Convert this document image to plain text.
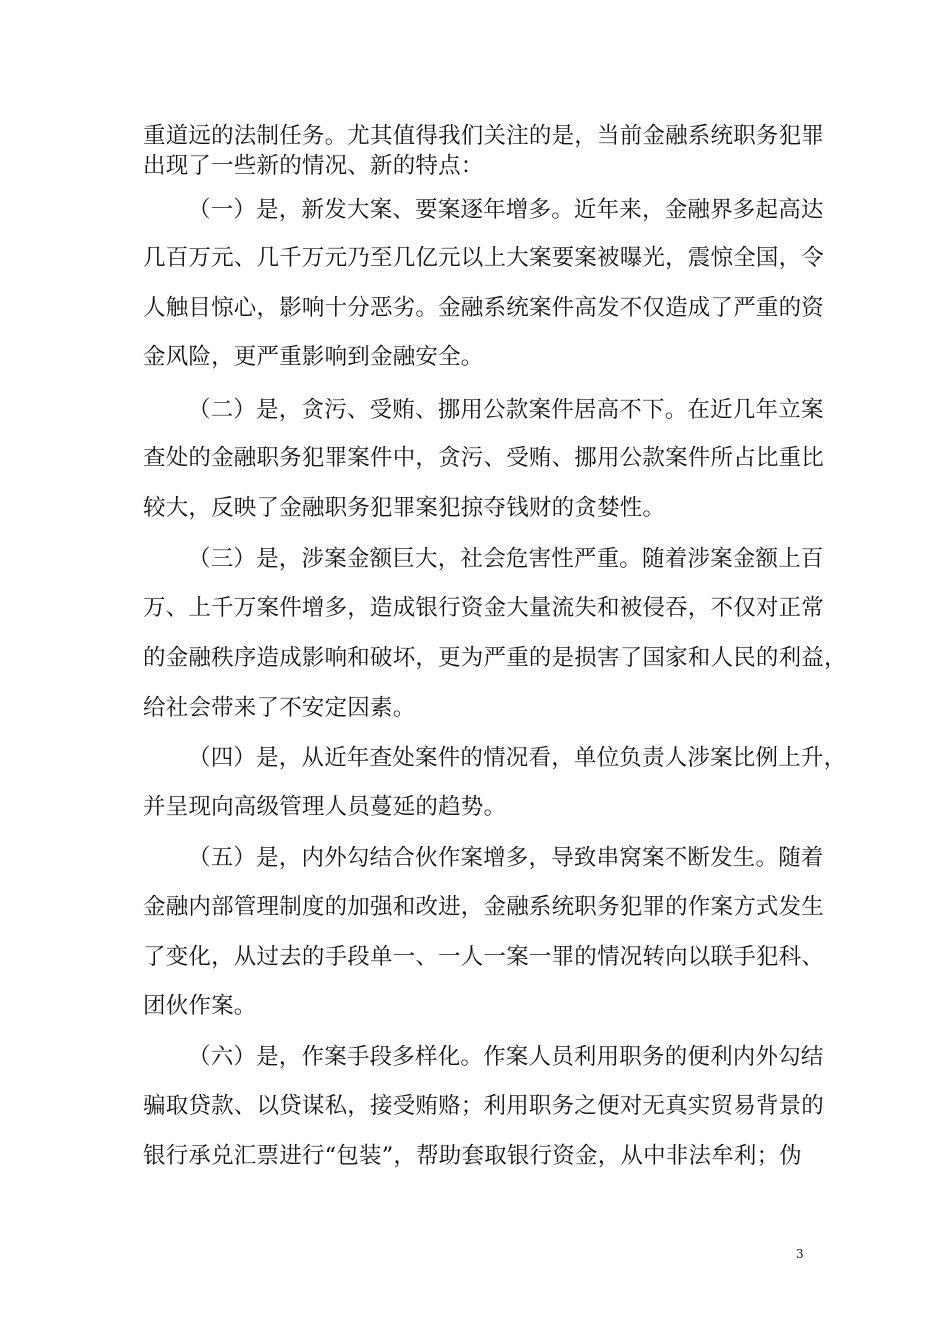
重道远的法制任务。尤其值得我们关注的是，当前金融系统职务犯罪
出现了一些新的情况、新的特点：
（一）是，新发大案、要案逐年增多。近年来，金融界多起高达
几百万元、几千万元乃至几亿元以上大案要案被曝光，震惊全国，令
人触目惊心，影响十分恶劣。金融系统案件高发不仅造成了严重的资
金风险，更严重影响到金融安全。
（二）是，贪污、受贿、挪用公款案件居高不下。在近几年立案
查处的金融职务犯罪案件中，贪污、受贿、挪用公款案件所占比重比
较大，反映了金融职务犯罪案犯掠夺钱财的贪婪性。
（三）是，涉案金额巨大，社会危害性严重。随着涉案金额上百
万、上千万案件增多，造成银行资金大量流失和被侵吞，不仅对正常
的金融秩序造成影响和破坏，更为严重的是损害了国家和人民的利益，
给社会带来了不安定因素。
（四）是，从近年查处案件的情况看，单位负责人涉案比例上升，
并呈现向高级管理人员蔓延的趋势。
（五）是，内外勾结合伙作案增多，导致串窝案不断发生。随着
金融内部管理制度的加强和改进，金融系统职务犯罪的作案方式发生
了变化，从过去的手段单一、一人一案一罪的情况转向以联手犯科、
团伙作案。
（六）是，作案手段多样化。作案人员利用职务的便利内外勾结
骗取贷款、以贷谋私，接受贿赂；利用职务之便对无真实贸易背景的
银行承兑汇票进行“包装”，帮助套取银行资金，从中非法牟利；伪
3
